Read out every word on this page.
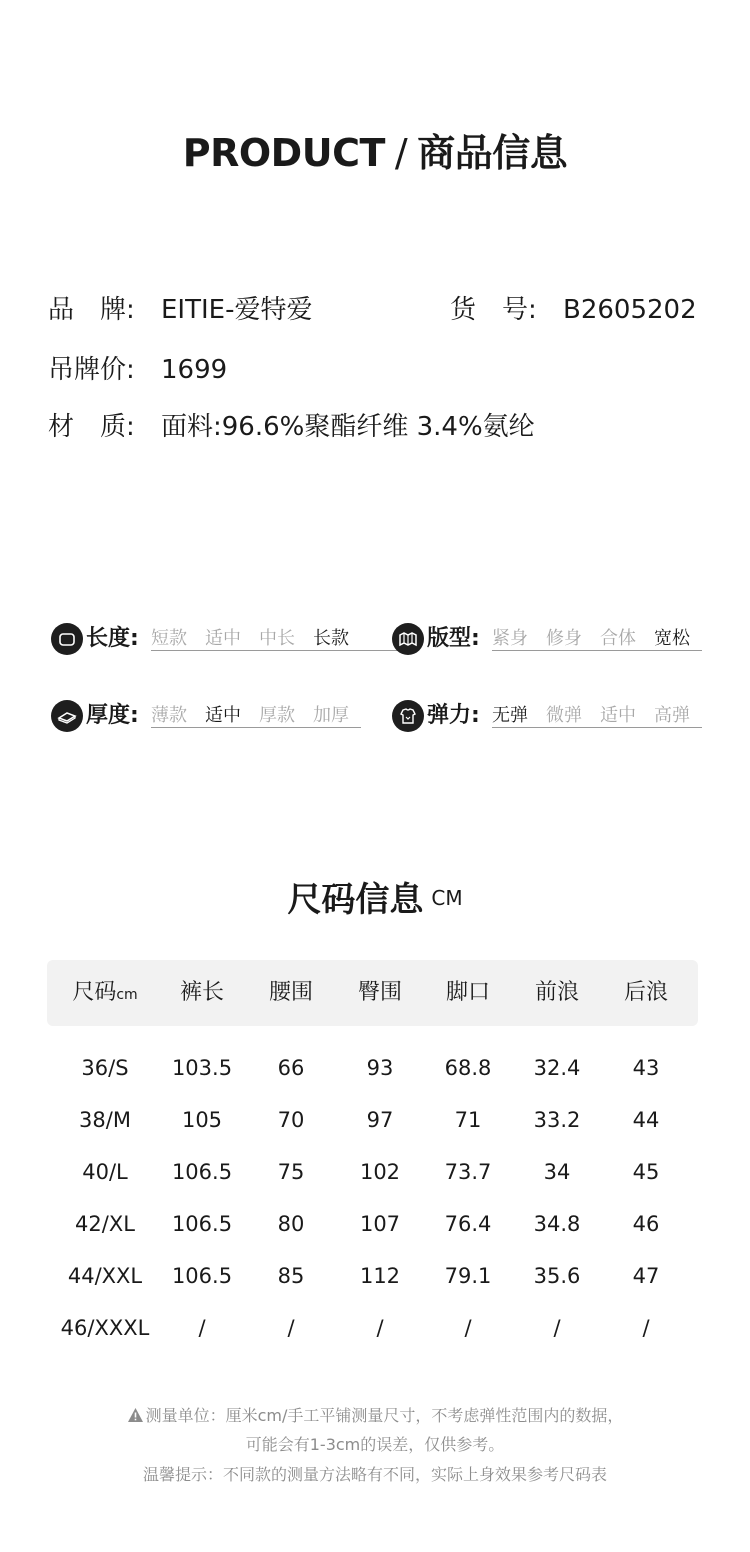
PRODUCT / 商品信息
品　牌: EITIE-爱特爱	货　号: B2605202
吊牌价: 1699
材　质: 面料:96.6%聚酯纤维 3.4%氨纶
长度: 短款 适中 中长 长款	版型: 紧身 修身 合体 宽松
厚度: 薄款 适中 厚款 加厚	弹力: 无弹 微弹 适中 高弹
尺码信息 CM
尺码cm	裤长	腰围	臀围	脚口	前浪	后浪
36/S	103.5	66	93	68.8	32.4	43
38/M	105	70	97	71	33.2	44
40/L	106.5	75	102	73.7	34	45
42/XL	106.5	80	107	76.4	34.8	46
44/XXL	106.5	85	112	79.1	35.6	47
46/XXXL	/	/	/	/	/	/
测量单位：厘米cm/手工平铺测量尺寸，不考虑弹性范围内的数据，
可能会有1-3cm的误差，仅供参考。
温馨提示：不同款的测量方法略有不同，实际上身效果参考尺码表
